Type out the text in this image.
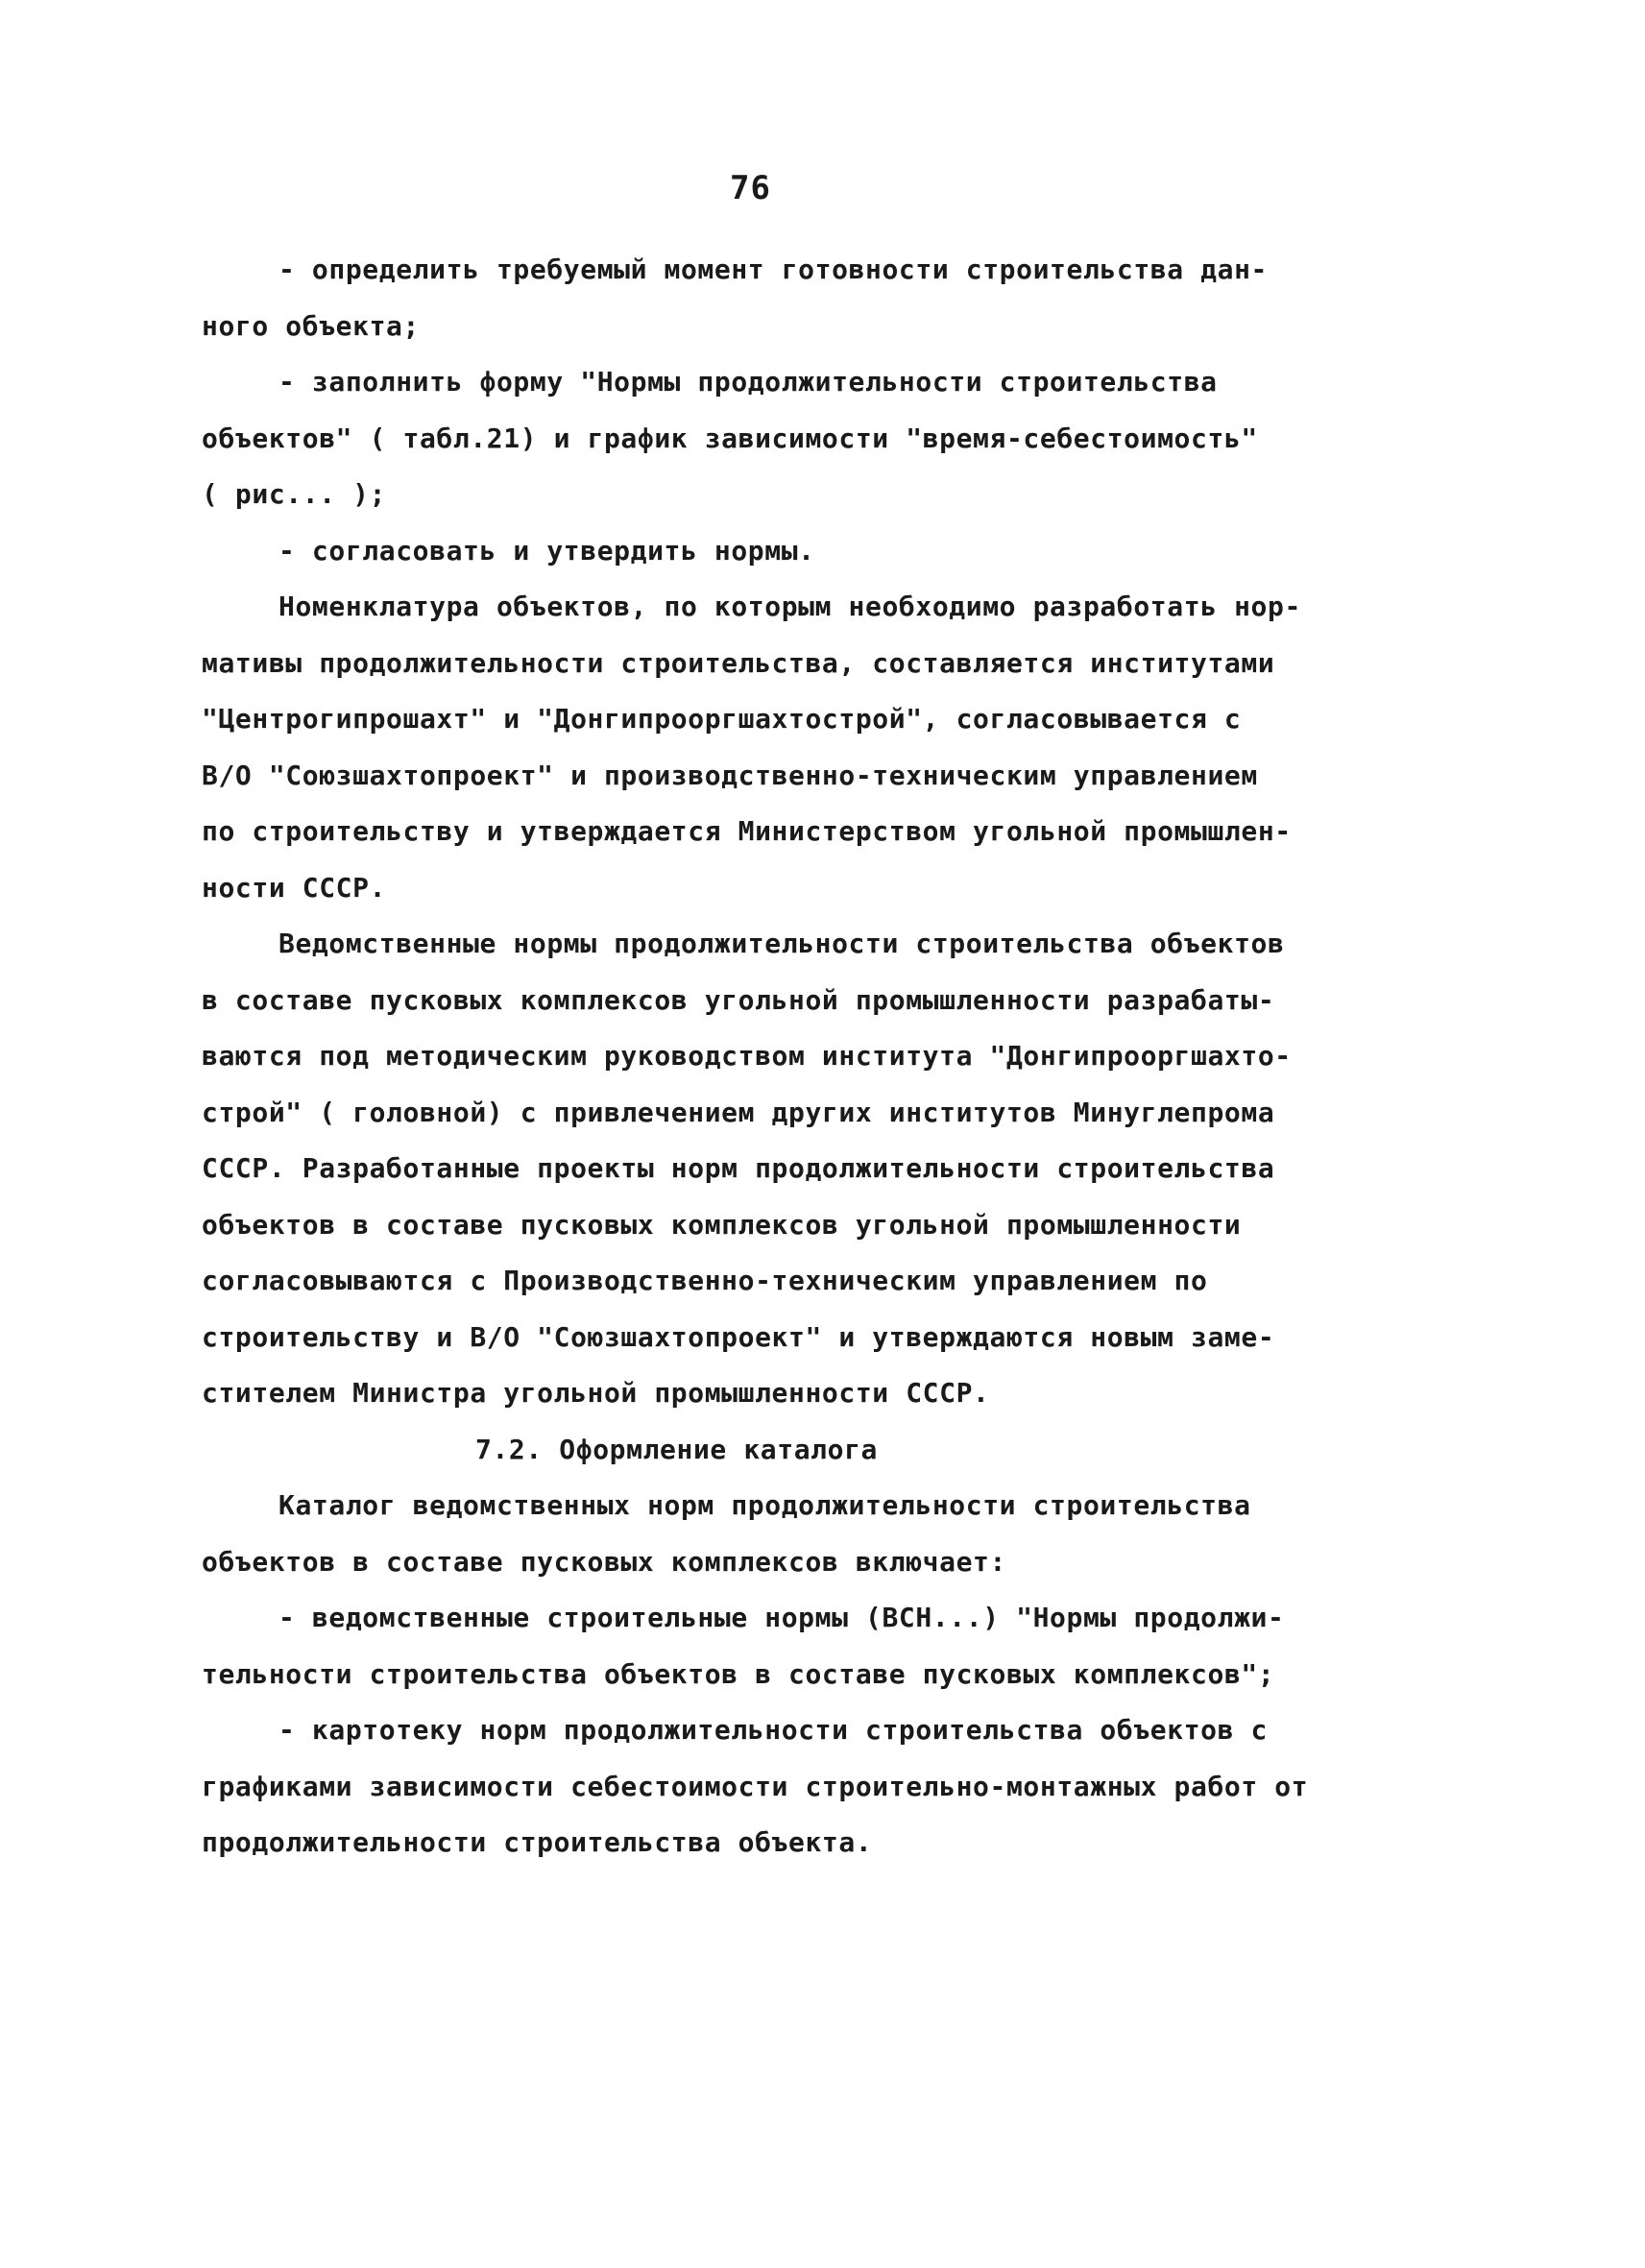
76
- определить требуемый момент готовности строительства дан-
ного объекта;
- заполнить форму "Нормы продолжительности строительства
объектов" ( табл.21) и график зависимости "время-себестоимость"
( рис... );
- согласовать и утвердить нормы.
Номенклатура объектов, по которым необходимо разработать нор-
мативы продолжительности строительства, составляется институтами
"Центрогипрошахт" и "Донгипрооргшахтострой", согласовывается с
В/О "Союзшахтопроект" и производственно-техническим управлением
по строительству и утверждается Министерством угольной промышлен-
ности СССР.
Ведомственные нормы продолжительности строительства объектов
в составе пусковых комплексов угольной промышленности разрабаты-
ваются под методическим руководством института "Донгипрооргшахто-
строй" ( головной) с привлечением других институтов Минуглепрома
СССР. Разработанные проекты норм продолжительности строительства
объектов в составе пусковых комплексов угольной промышленности
согласовываются с Производственно-техническим управлением по
строительству и В/О "Союзшахтопроект" и утверждаются новым замe-
стителем Министра угольной промышленности СССР.
7.2. Оформление каталога
Каталог ведомственных норм продолжительности строительства
объектов в составе пусковых комплексов включает:
- ведомственные строительные нормы (ВСН...) "Нормы продолжи-
тельности строительства объектов в составе пусковых комплексов";
- картотеку норм продолжительности строительства объектов с
графиками зависимости себестоимости строительно-монтажных работ от
продолжительности строительства объекта.
